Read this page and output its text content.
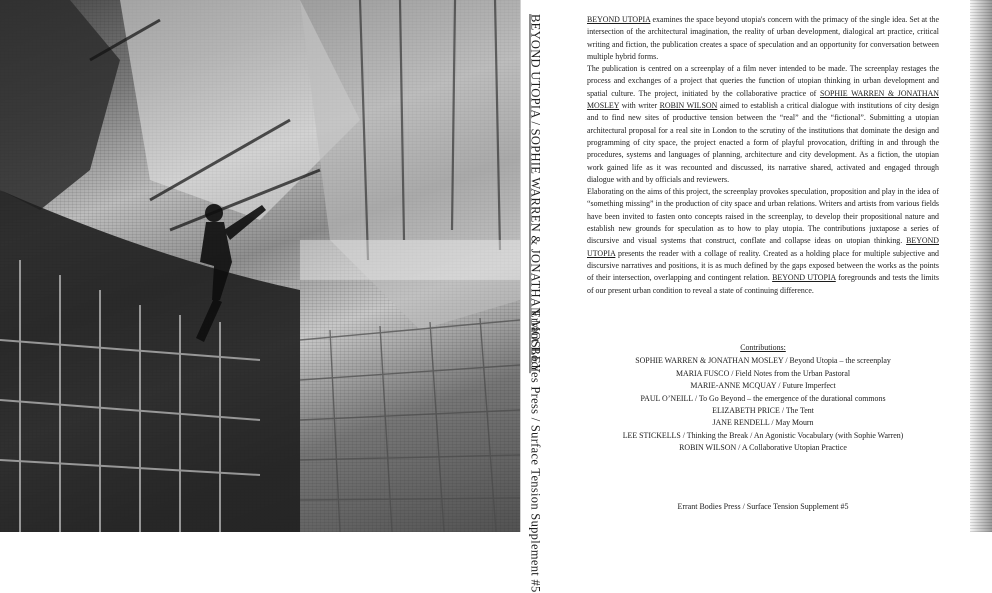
BEYOND UTOPIA / SOPHIE WARREN & JONATHAN MOSLEY
Errant Bodies Press / Surface Tension Supplement #5

BEYOND UTOPIA examines the space beyond utopia's concern with the primacy of the single idea. Set at the intersection of the architectural imagination, the reality of urban development, dialogical art practice, critical writing and fiction, the publication creates a space of speculation and an opportunity for conversation between multiple hybrid forms.

The publication is centred on a screenplay of a film never intended to be made. The screenplay restages the process and exchanges of a project that queries the function of utopian thinking in urban development and spatial culture. The project, initiated by the collaborative practice of SOPHIE WARREN & JONATHAN MOSLEY with writer ROBIN WILSON aimed to establish a critical dialogue with institutions of city design and to find new sites of productive tension between the “real” and the “fictional”. Submitting a utopian architectural proposal for a real site in London to the scrutiny of the institutions that dominate the design and programming of city space, the project enacted a form of playful provocation, drifting in and through the procedures, systems and languages of planning, architecture and city development. As a fiction, the utopian work gained life as it was recounted and discussed, its narrative shared, activated and engaged through dialogue with and by officials and reviewers.

Elaborating on the aims of this project, the screenplay provokes speculation, proposition and play in the idea of “something missing” in the production of city space and urban relations. Writers and artists from various fields have been invited to fasten onto concepts raised in the screenplay, to develop their propositional nature and establish new grounds for speculation as to how to play utopia. The contributions juxtapose a series of discursive and visual systems that construct, conflate and collapse ideas on utopian thinking. BEYOND UTOPIA presents the reader with a collage of reality. Created as a holding place for multiple subjective and discursive narratives and positions, it is as much defined by the gaps exposed between the works as the points of their intersection, overlapping and contingent relation. BEYOND UTOPIA foregrounds and tests the limits of our present urban condition to reveal a state of continuing difference.

Contributions:
SOPHIE WARREN & JONATHAN MOSLEY / Beyond Utopia – the screenplay
MARIA FUSCO / Field Notes from the Urban Pastoral
MARIE-ANNE MCQUAY / Future Imperfect
PAUL O’NEILL / To Go Beyond – the emergence of the durational commons
ELIZABETH PRICE / The Tent
JANE RENDELL / May Mourn
LEE STICKELLS / Thinking the Break / An Agonistic Vocabulary (with Sophie Warren)
ROBIN WILSON / A Collaborative Utopian Practice
Errant Bodies Press / Surface Tension Supplement #5
